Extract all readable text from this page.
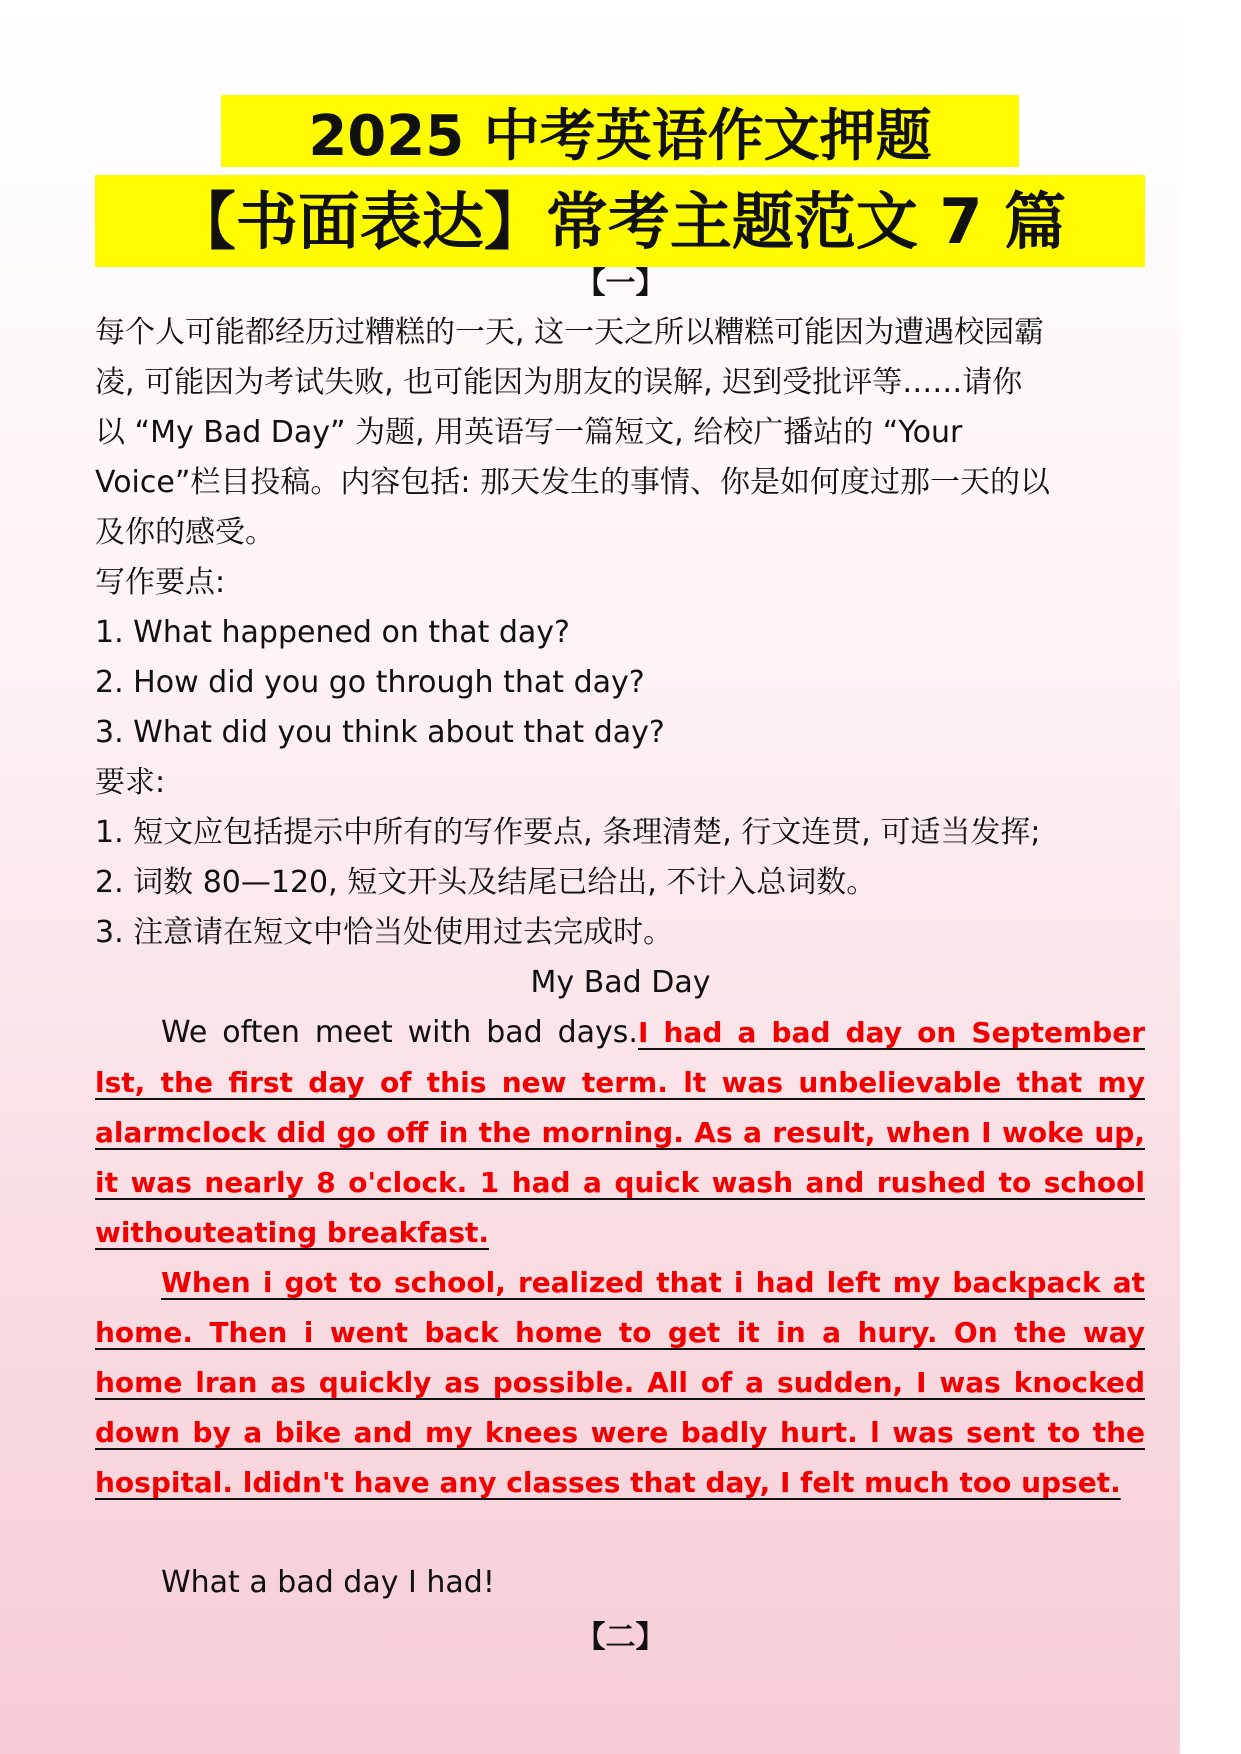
2025 中考英语作文押题
【书面表达】常考主题范文 7 篇
【一】
每个人可能都经历过糟糕的一天, 这一天之所以糟糕可能因为遭遇校园霸
凌, 可能因为考试失败, 也可能因为朋友的误解, 迟到受批评等……请你
以 “My Bad Day” 为题, 用英语写一篇短文, 给校广播站的 “Your
Voice”栏目投稿。内容包括: 那天发生的事情、你是如何度过那一天的以
及你的感受。
写作要点:
1. What happened on that day?
2. How did you go through that day?
3. What did you think about that day?
要求:
1. 短文应包括提示中所有的写作要点, 条理清楚, 行文连贯, 可适当发挥;
2. 词数 80—120, 短文开头及结尾已给出, 不计入总词数。
3. 注意请在短文中恰当处使用过去完成时。
My Bad Day

We often meet with bad days.I had a bad day on September lst, the first day of this new term. lt was unbelievable that my alarmclock did go off in the morning. As a result, when I woke up, it was nearly 8 o'clock. 1 had a quick wash and rushed to school withouteating breakfast.

When i got to school, realized that i had left my backpack at home. Then i went back home to get it in a hury. On the way home lran as quickly as possible. All of a sudden, I was knocked down by a bike and my knees were badly hurt. l was sent to the hospital. ldidn't have any classes that day, I felt much too upset.

What a bad day I had!
【二】
